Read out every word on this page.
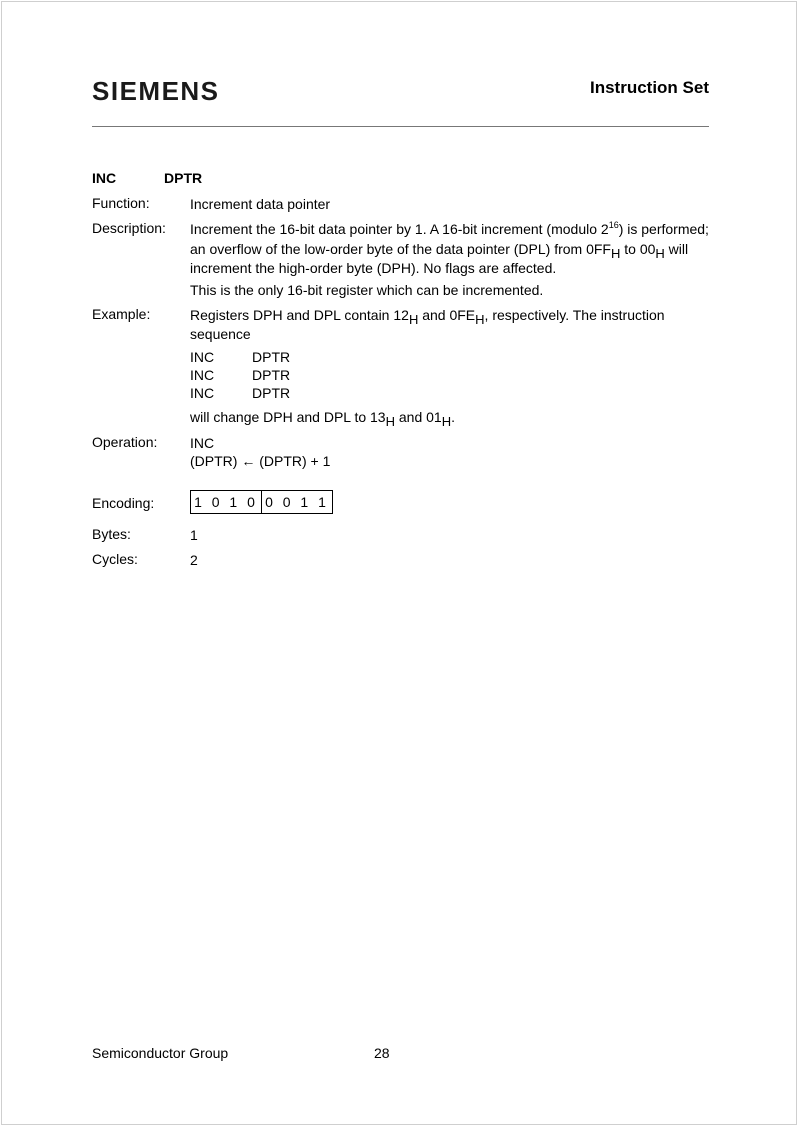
SIEMENS	Instruction Set
INC	DPTR
Function:	Increment data pointer
Description: Increment the 16-bit data pointer by 1. A 16-bit increment (modulo $2^{16}$) is performed;
an overflow of the low-order byte of the data pointer (DPL) from 0FFH to 00H will
increment the high-order byte (DPH). No flags are affected.
This is the only 16-bit register which can be incremented.
Example:	Registers DPH and DPL contain 12H and 0FEH, respectively. The instruction
sequence
INC	DPTR
INC	DPTR
INC	DPTR
will change DPH and DPL to 13H and 01H.
Operation: INC
(DPTR) ← (DPTR) + 1
Encoding:	1 0 1 0 0 0 1 1
Bytes:	1
Cycles:	2
Semiconductor Group	28
